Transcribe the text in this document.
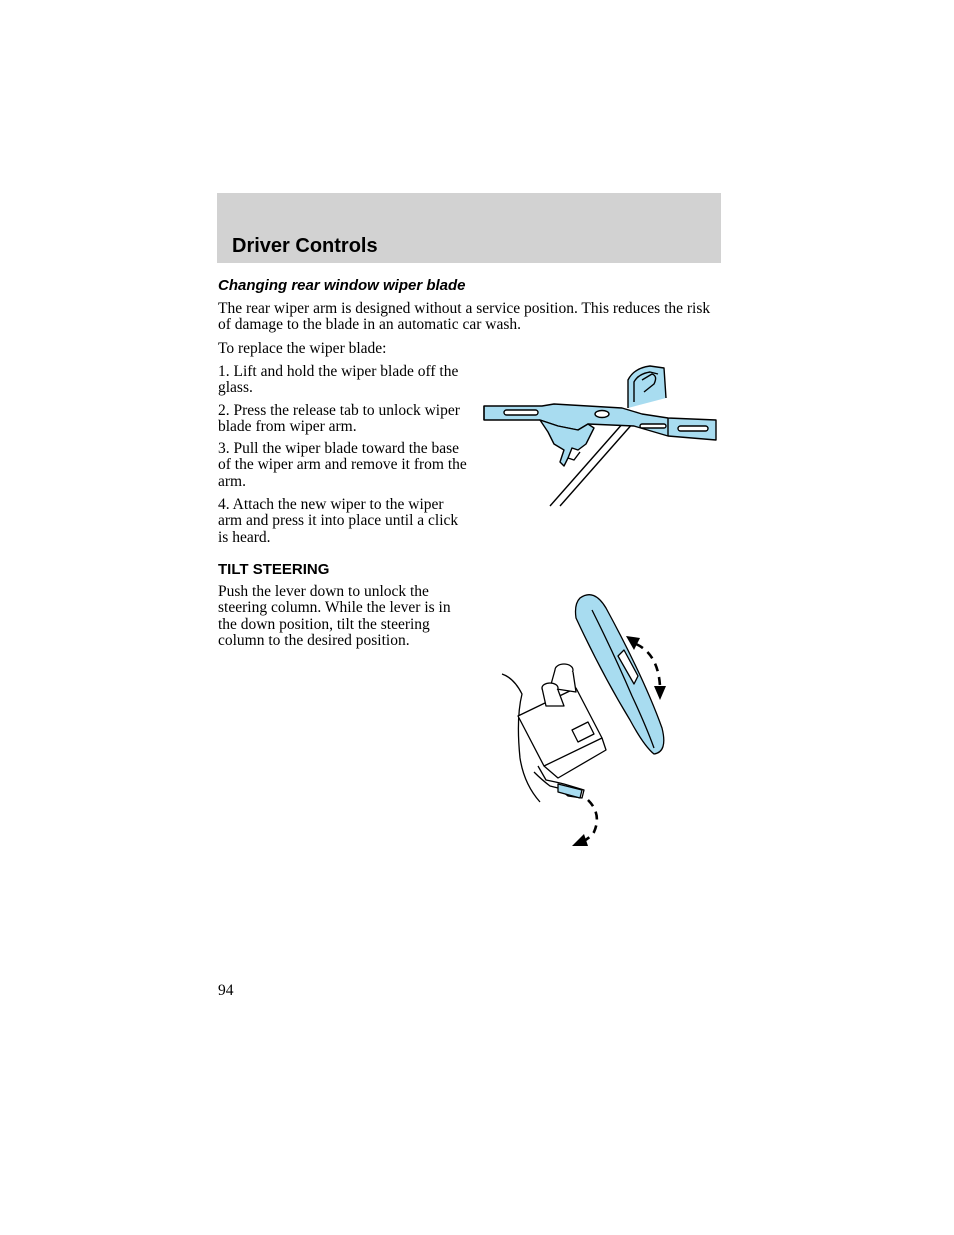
Driver Controls
Changing rear window wiper blade

The rear wiper arm is designed without a service position. This reduces the risk of damage to the blade in an automatic car wash.

To replace the wiper blade:

1. Lift and hold the wiper blade off the glass.

2. Press the release tab to unlock wiper blade from wiper arm.

3. Pull the wiper blade toward the base of the wiper arm and remove it from the arm.

4. Attach the new wiper to the wiper arm and press it into place until a click is heard.

TILT STEERING

Push the lever down to unlock the steering column. While the lever is in the down position, tilt the steering column to the desired position.

94
